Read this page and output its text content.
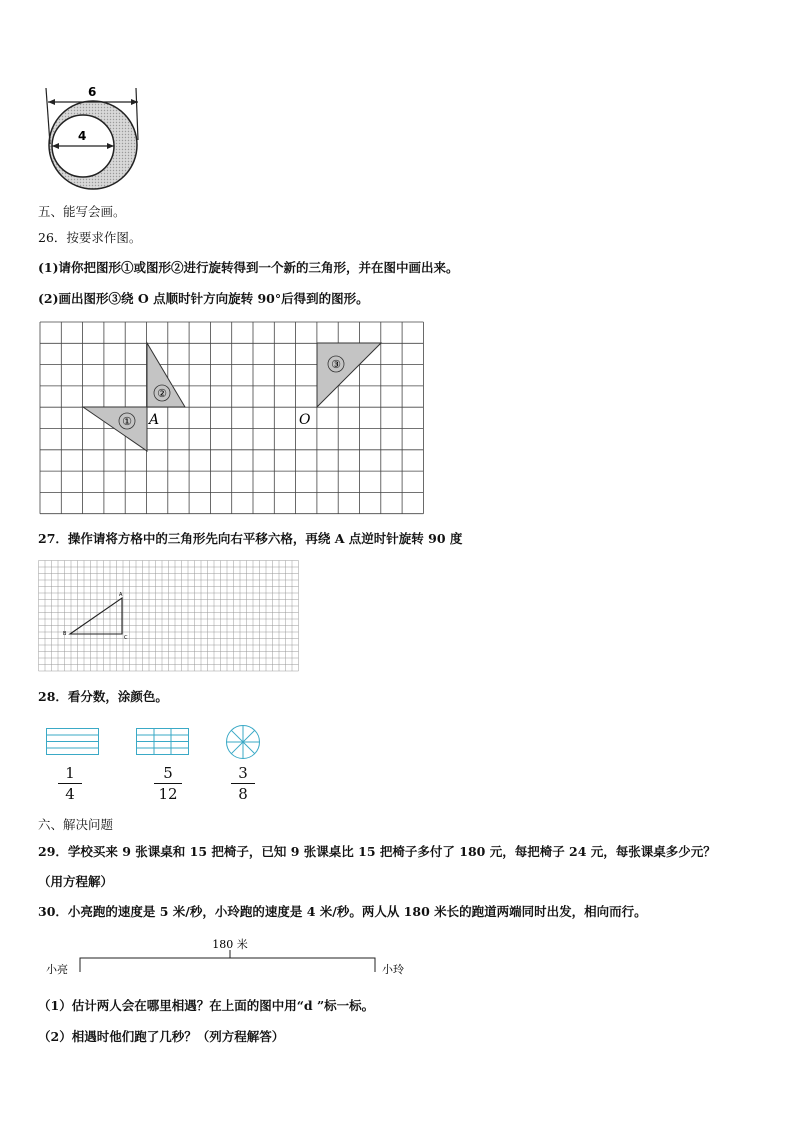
6
4
五、能写会画。
26．按要求作图。
(1)请你把图形①或图形②进行旋转得到一个新的三角形，并在图中画出来。
(2)画出图形③绕 O 点顺时针方向旋转 90°后得到的图形。
①
②
③
A	O
27．操作请将方格中的三角形先向右平移六格，再绕 A 点逆时针旋转 90 度
A
B
C
28．看分数，涂颜色。
1
4
5
12
3
8
六、解决问题
29．学校买来 9 张课桌和 15 把椅子，已知 9 张课桌比 15 把椅子多付了 180 元，每把椅子 24 元，每张课桌多少元？
（用方程解）
30．小亮跑的速度是 5 米/秒，小玲跑的速度是 4 米/秒。两人从 180 米长的跑道两端同时出发，相向而行。
180 米
小亮	小玲
（1）估计两人会在哪里相遇？在上面的图中用“d ”标一标。
（2）相遇时他们跑了几秒？（列方程解答）
